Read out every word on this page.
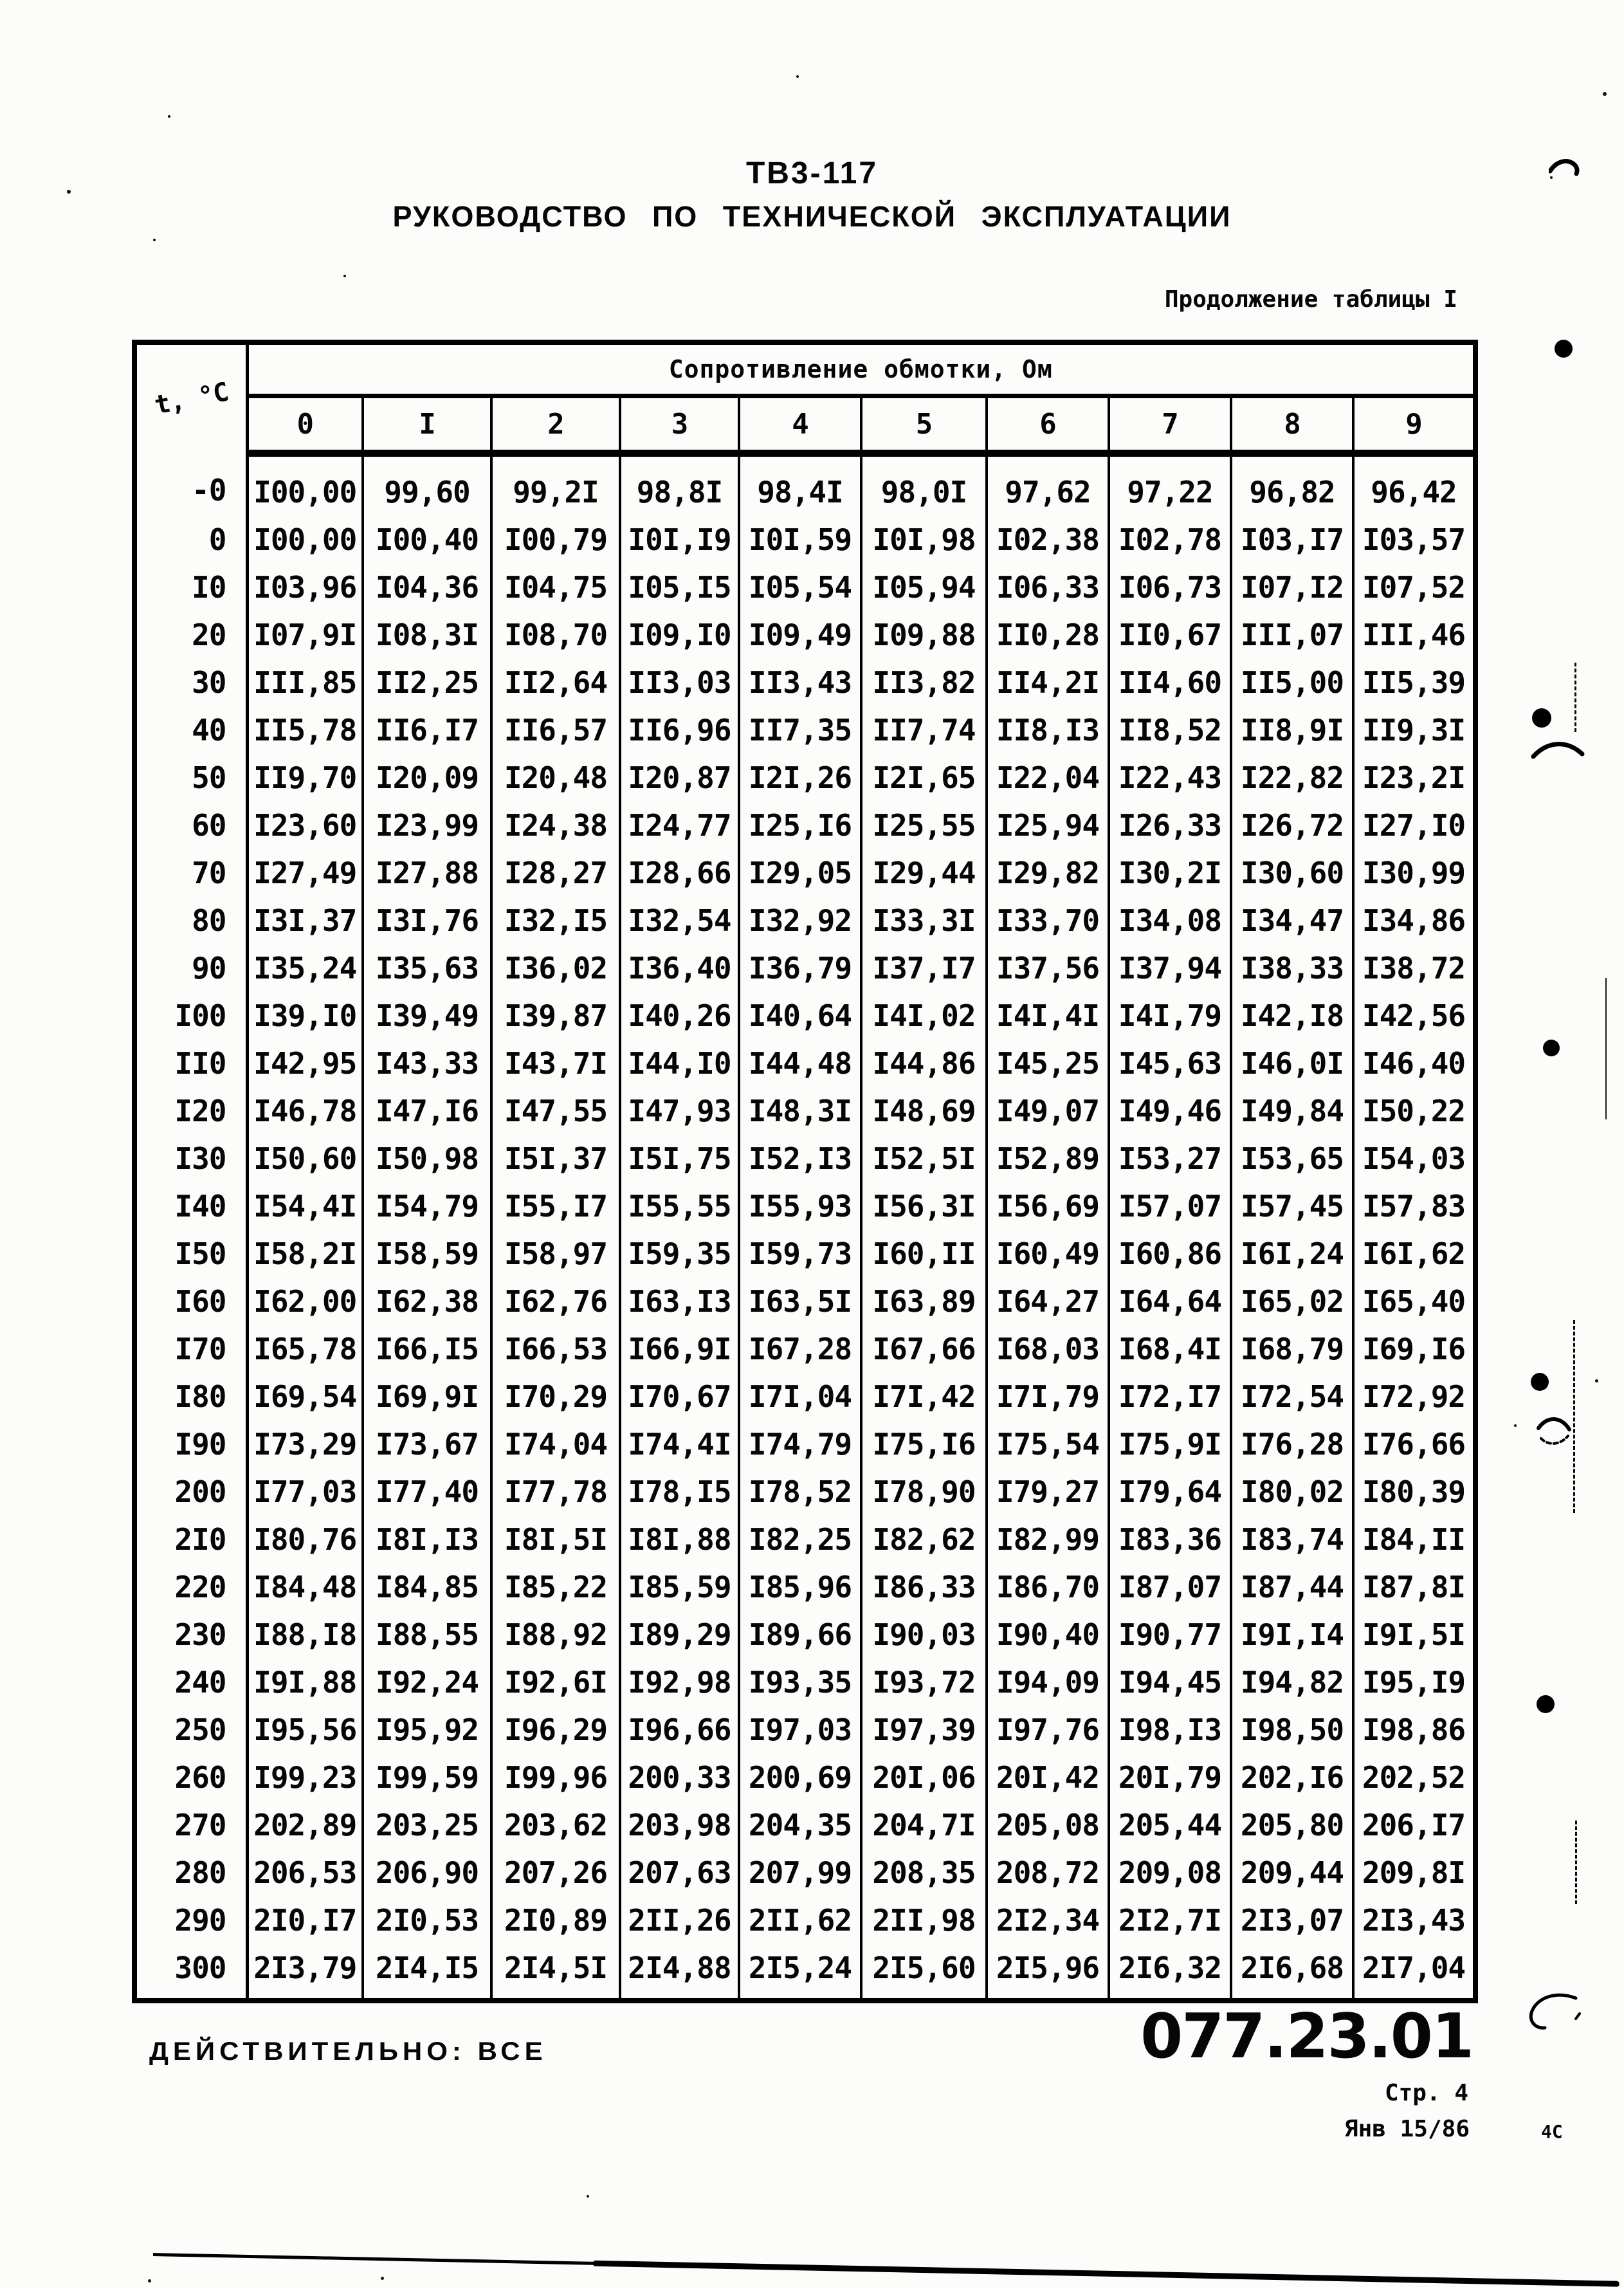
ТВ3-117
РУКОВОДСТВО ПО ТЕХНИЧЕСКОЙ ЭКСПЛУАТАЦИИ
Продолжение таблицы I
t, °С	Сопротивление обмотки, Ом									
	0	I	2	3	4	5	6	7	8	9
-0	I00,00	99,60	99,2I	98,8I	98,4I	98,0I	97,62	97,22	96,82	96,42
0	I00,00	I00,40	I00,79	I0I,I9	I0I,59	I0I,98	I02,38	I02,78	I03,I7	I03,57
I0	I03,96	I04,36	I04,75	I05,I5	I05,54	I05,94	I06,33	I06,73	I07,I2	I07,52
20	I07,9I	I08,3I	I08,70	I09,I0	I09,49	I09,88	II0,28	II0,67	III,07	III,46
30	III,85	II2,25	II2,64	II3,03	II3,43	II3,82	II4,2I	II4,60	II5,00	II5,39
40	II5,78	II6,I7	II6,57	II6,96	II7,35	II7,74	II8,I3	II8,52	II8,9I	II9,3I
50	II9,70	I20,09	I20,48	I20,87	I2I,26	I2I,65	I22,04	I22,43	I22,82	I23,2I
60	I23,60	I23,99	I24,38	I24,77	I25,I6	I25,55	I25,94	I26,33	I26,72	I27,I0
70	I27,49	I27,88	I28,27	I28,66	I29,05	I29,44	I29,82	I30,2I	I30,60	I30,99
80	I3I,37	I3I,76	I32,I5	I32,54	I32,92	I33,3I	I33,70	I34,08	I34,47	I34,86
90	I35,24	I35,63	I36,02	I36,40	I36,79	I37,I7	I37,56	I37,94	I38,33	I38,72
I00	I39,I0	I39,49	I39,87	I40,26	I40,64	I4I,02	I4I,4I	I4I,79	I42,I8	I42,56
II0	I42,95	I43,33	I43,7I	I44,I0	I44,48	I44,86	I45,25	I45,63	I46,0I	I46,40
I20	I46,78	I47,I6	I47,55	I47,93	I48,3I	I48,69	I49,07	I49,46	I49,84	I50,22
I30	I50,60	I50,98	I5I,37	I5I,75	I52,I3	I52,5I	I52,89	I53,27	I53,65	I54,03
I40	I54,4I	I54,79	I55,I7	I55,55	I55,93	I56,3I	I56,69	I57,07	I57,45	I57,83
I50	I58,2I	I58,59	I58,97	I59,35	I59,73	I60,II	I60,49	I60,86	I6I,24	I6I,62
I60	I62,00	I62,38	I62,76	I63,I3	I63,5I	I63,89	I64,27	I64,64	I65,02	I65,40
I70	I65,78	I66,I5	I66,53	I66,9I	I67,28	I67,66	I68,03	I68,4I	I68,79	I69,I6
I80	I69,54	I69,9I	I70,29	I70,67	I7I,04	I7I,42	I7I,79	I72,I7	I72,54	I72,92
I90	I73,29	I73,67	I74,04	I74,4I	I74,79	I75,I6	I75,54	I75,9I	I76,28	I76,66
200	I77,03	I77,40	I77,78	I78,I5	I78,52	I78,90	I79,27	I79,64	I80,02	I80,39
2I0	I80,76	I8I,I3	I8I,5I	I8I,88	I82,25	I82,62	I82,99	I83,36	I83,74	I84,II
220	I84,48	I84,85	I85,22	I85,59	I85,96	I86,33	I86,70	I87,07	I87,44	I87,8I
230	I88,I8	I88,55	I88,92	I89,29	I89,66	I90,03	I90,40	I90,77	I9I,I4	I9I,5I
240	I9I,88	I92,24	I92,6I	I92,98	I93,35	I93,72	I94,09	I94,45	I94,82	I95,I9
250	I95,56	I95,92	I96,29	I96,66	I97,03	I97,39	I97,76	I98,I3	I98,50	I98,86
260	I99,23	I99,59	I99,96	200,33	200,69	20I,06	20I,42	20I,79	202,I6	202,52
270	202,89	203,25	203,62	203,98	204,35	204,7I	205,08	205,44	205,80	206,I7
280	206,53	206,90	207,26	207,63	207,99	208,35	208,72	209,08	209,44	209,8I
290	2I0,I7	2I0,53	2I0,89	2II,26	2II,62	2II,98	2I2,34	2I2,7I	2I3,07	2I3,43
300	2I3,79	2I4,I5	2I4,5I	2I4,88	2I5,24	2I5,60	2I5,96	2I6,32	2I6,68	2I7,04
ДЕЙСТВИТЕЛЬНО: ВСЕ	077.23.01
Стр. 4
Янв 15/86	4C
